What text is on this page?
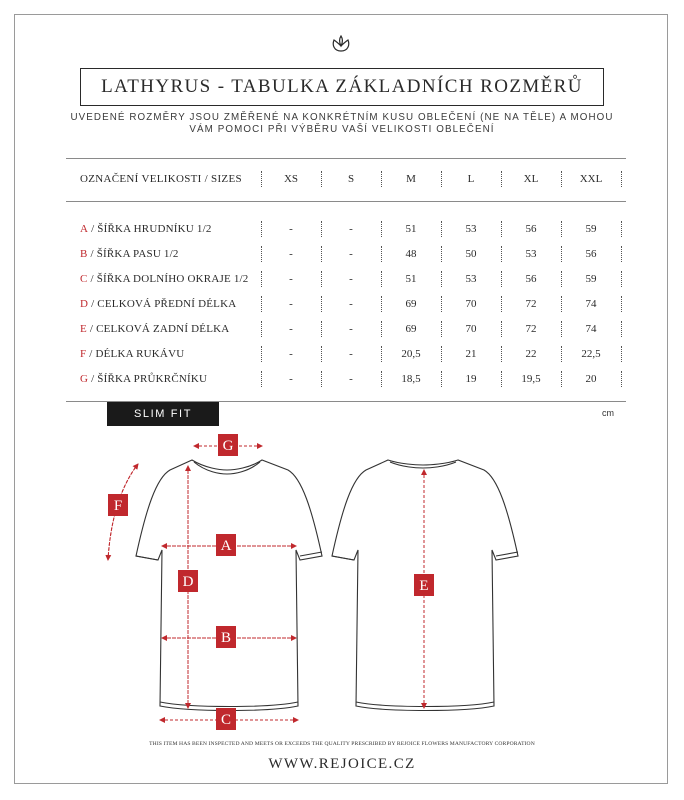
LATHYRUS - TABULKA ZÁKLADNÍCH ROZMĚRŮ
UVEDENÉ ROZMĚRY JSOU ZMĚŘENÉ NA KONKRÉTNÍM KUSU OBLEČENÍ (NE NA TĚLE) A MOHOU
VÁM POMOCI PŘI VÝBĚRU VAŠÍ VELIKOSTI OBLEČENÍ
OZNAČENÍ VELIKOSTI / SIZES	XS	S	M	L	XL	XXL
A / ŠÍŘKA HRUDNÍKU 1/2	-	-	51	53	56	59
B / ŠÍŘKA PASU 1/2	-	-	48	50	53	56
C / ŠÍŘKA DOLNÍHO OKRAJE 1/2	-	-	51	53	56	59
D / CELKOVÁ PŘEDNÍ DÉLKA	-	-	69	70	72	74
E / CELKOVÁ ZADNÍ DÉLKA	-	-	69	70	72	74
F / DÉLKA RUKÁVU	-	-	20,5	21	22	22,5
G / ŠÍŘKA PRŮKRČNÍKU	-	-	18,5	19	19,5	20
SLIM FIT	cm
G
A
B
C
D	E
F
THIS ITEM HAS BEEN INSPECTED AND MEETS OR EXCEEDS THE QUALITY PRESCRIBED BY REJOICE FLOWERS MANUFACTORY CORPORATION
WWW.REJOICE.CZ
